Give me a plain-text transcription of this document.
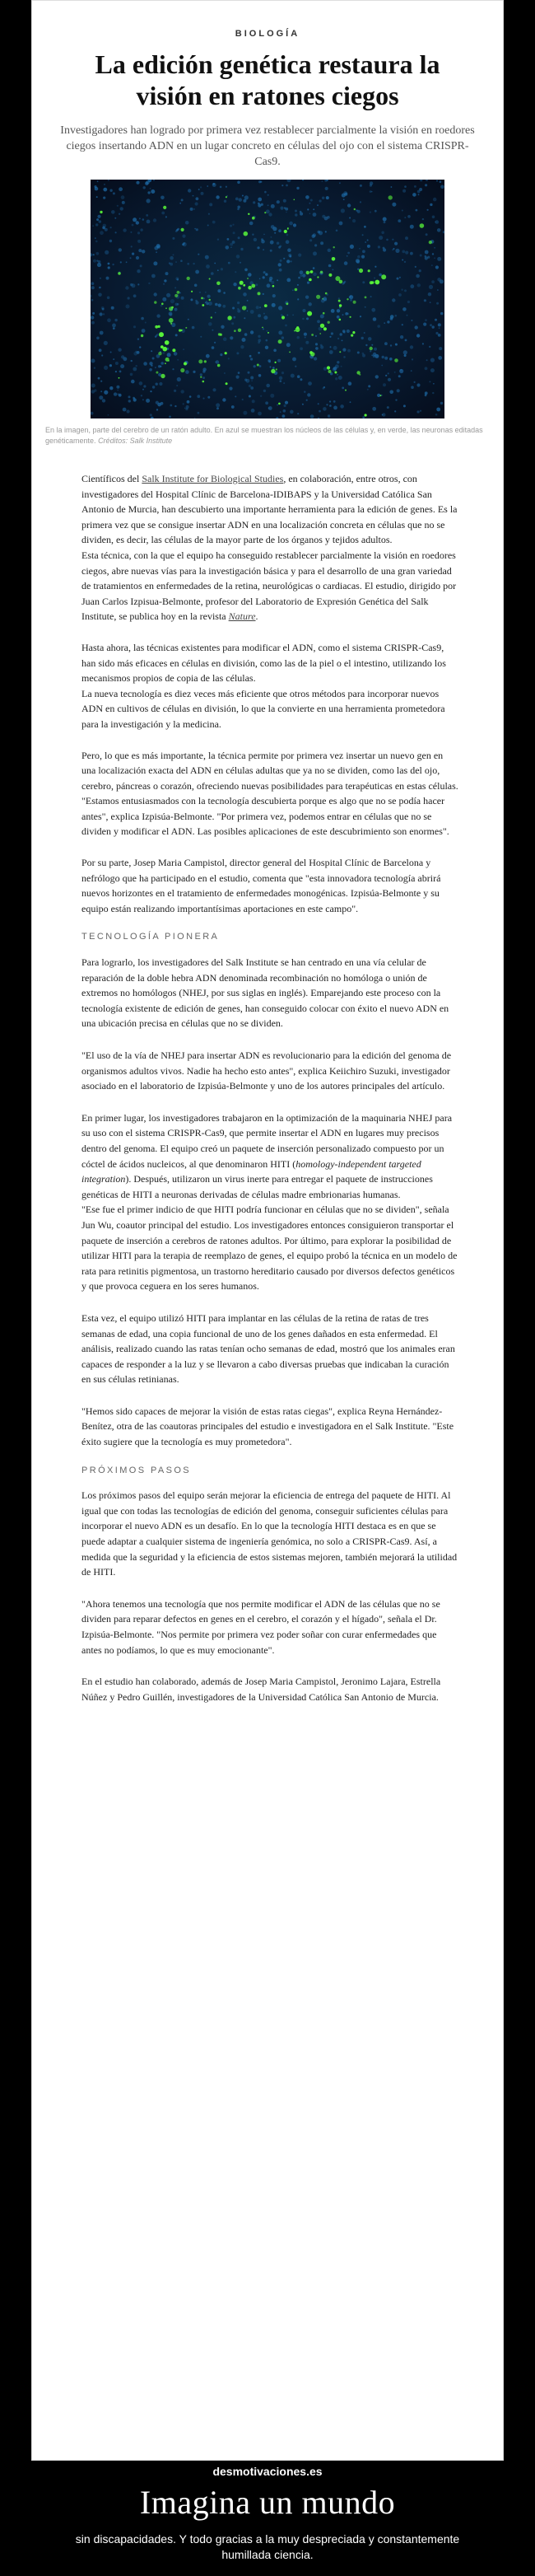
BIOLOGÍA
La edición genética restaura la visión en ratones ciegos
Investigadores han logrado por primera vez restablecer parcialmente la visión en roedores ciegos insertando ADN en un lugar concreto en células del ojo con el sistema CRISPR-Cas9.
En la imagen, parte del cerebro de un ratón adulto. En azul se muestran los núcleos de las células y, en verde, las neuronas editadas genéticamente. Créditos: Salk Institute

Científicos del Salk Institute for Biological Studies, en colaboración, entre otros, con investigadores del Hospital Clínic de Barcelona-IDIBAPS y la Universidad Católica San Antonio de Murcia, han descubierto una importante herramienta para la edición de genes. Es la primera vez que se consigue insertar ADN en una localización concreta en células que no se dividen, es decir, las células de la mayor parte de los órganos y tejidos adultos.

Esta técnica, con la que el equipo ha conseguido restablecer parcialmente la visión en roedores ciegos, abre nuevas vías para la investigación básica y para el desarrollo de una gran variedad de tratamientos en enfermedades de la retina, neurológicas o cardiacas. El estudio, dirigido por Juan Carlos Izpisua-Belmonte, profesor del Laboratorio de Expresión Genética del Salk Institute, se publica hoy en la revista Nature.

Hasta ahora, las técnicas existentes para modificar el ADN, como el sistema CRISPR-Cas9, han sido más eficaces en células en división, como las de la piel o el intestino, utilizando los mecanismos propios de copia de las células.

La nueva tecnología es diez veces más eficiente que otros métodos para incorporar nuevos ADN en cultivos de células en división, lo que la convierte en una herramienta prometedora para la investigación y la medicina.

Pero, lo que es más importante, la técnica permite por primera vez insertar un nuevo gen en una localización exacta del ADN en células adultas que ya no se dividen, como las del ojo, cerebro, páncreas o corazón, ofreciendo nuevas posibilidades para terapéuticas en estas células.

"Estamos entusiasmados con la tecnología descubierta porque es algo que no se podía hacer antes", explica Izpisúa-Belmonte. "Por primera vez, podemos entrar en células que no se dividen y modificar el ADN. Las posibles aplicaciones de este descubrimiento son enormes".

Por su parte, Josep Maria Campistol, director general del Hospital Clínic de Barcelona y nefrólogo que ha participado en el estudio, comenta que "esta innovadora tecnología abrirá nuevos horizontes en el tratamiento de enfermedades monogénicas. Izpisúa-Belmonte y su equipo están realizando importantísimas aportaciones en este campo".

TECNOLOGÍA PIONERA

Para lograrlo, los investigadores del Salk Institute se han centrado en una vía celular de reparación de la doble hebra ADN denominada recombinación no homóloga o unión de extremos no homólogos (NHEJ, por sus siglas en inglés). Emparejando este proceso con la tecnología existente de edición de genes, han conseguido colocar con éxito el nuevo ADN en una ubicación precisa en células que no se dividen.

"El uso de la vía de NHEJ para insertar ADN es revolucionario para la edición del genoma de organismos adultos vivos. Nadie ha hecho esto antes", explica Keiichiro Suzuki, investigador asociado en el laboratorio de Izpisúa-Belmonte y uno de los autores principales del artículo.

En primer lugar, los investigadores trabajaron en la optimización de la maquinaria NHEJ para su uso con el sistema CRISPR-Cas9, que permite insertar el ADN en lugares muy precisos dentro del genoma. El equipo creó un paquete de inserción personalizado compuesto por un cóctel de ácidos nucleicos, al que denominaron HITI (homology-independent targeted integration). Después, utilizaron un virus inerte para entregar el paquete de instrucciones genéticas de HITI a neuronas derivadas de células madre embrionarias humanas.

"Ese fue el primer indicio de que HITI podría funcionar en células que no se dividen", señala Jun Wu, coautor principal del estudio. Los investigadores entonces consiguieron transportar el paquete de inserción a cerebros de ratones adultos. Por último, para explorar la posibilidad de utilizar HITI para la terapia de reemplazo de genes, el equipo probó la técnica en un modelo de rata para retinitis pigmentosa, un trastorno hereditario causado por diversos defectos genéticos y que provoca ceguera en los seres humanos.

Esta vez, el equipo utilizó HITI para implantar en las células de la retina de ratas de tres semanas de edad, una copia funcional de uno de los genes dañados en esta enfermedad. El análisis, realizado cuando las ratas tenían ocho semanas de edad, mostró que los animales eran capaces de responder a la luz y se llevaron a cabo diversas pruebas que indicaban la curación en sus células retinianas.

"Hemos sido capaces de mejorar la visión de estas ratas ciegas", explica Reyna Hernández-Benítez, otra de las coautoras principales del estudio e investigadora en el Salk Institute. "Este éxito sugiere que la tecnología es muy prometedora".

PRÓXIMOS PASOS

Los próximos pasos del equipo serán mejorar la eficiencia de entrega del paquete de HITI. Al igual que con todas las tecnologías de edición del genoma, conseguir suficientes células para incorporar el nuevo ADN es un desafío. En lo que la tecnología HITI destaca es en que se puede adaptar a cualquier sistema de ingeniería genómica, no solo a CRISPR-Cas9. Así, a medida que la seguridad y la eficiencia de estos sistemas mejoren, también mejorará la utilidad de HITI.

"Ahora tenemos una tecnología que nos permite modificar el ADN de las células que no se dividen para reparar defectos en genes en el cerebro, el corazón y el hígado", señala el Dr. Izpisúa-Belmonte. "Nos permite por primera vez poder soñar con curar enfermedades que antes no podíamos, lo que es muy emocionante".

En el estudio han colaborado, además de Josep Maria Campistol, Jeronimo Lajara, Estrella Núñez y Pedro Guillén, investigadores de la Universidad Católica San Antonio de Murcia.

desmotivaciones.es
Imagina un mundo
sin discapacidades. Y todo gracias a la muy despreciada y constantemente humillada ciencia.
